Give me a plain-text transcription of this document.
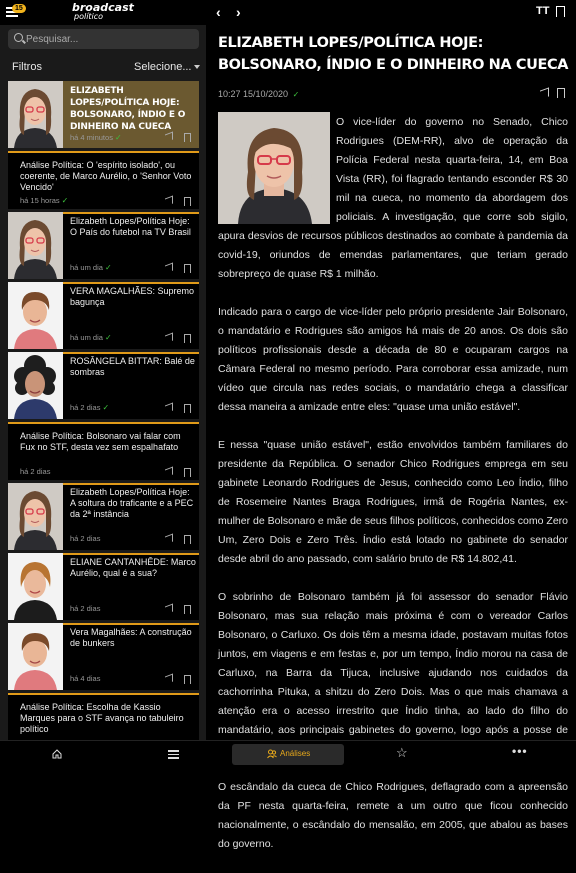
15	broadcast
político	‹ ›	TT
Pesquisar...
Filtros	Selecione...
ELIZABETH LOPES/POLÍTICA HOJE: BOLSONARO, ÍNDIO E O DINHEIRO NA CUECA
há 4 minutos ✓
Análise Política: O 'espírito isolado', ou coerente, de Marco Aurélio, o 'Senhor Voto Vencido'
há 15 horas ✓
Elizabeth Lopes/Política Hoje: O País do futebol na TV Brasil
há um dia ✓
VERA MAGALHÃES: Supremo bagunça
há um dia ✓
ROSÂNGELA BITTAR: Balé de sombras
há 2 dias ✓
Análise Política: Bolsonaro vai falar com Fux no STF, desta vez sem espalhafato
há 2 dias
Elizabeth Lopes/Política Hoje: A soltura do traficante e a PEC da 2ª instância
há 2 dias
ELIANE CANTANHÊDE: Marco Aurélio, qual é a sua?
há 2 dias
Vera Magalhães: A construção de bunkers
há 4 dias
Análise Política: Escolha de Kassio Marques para o STF avança no tabuleiro político
ELIZABETH LOPES/POLÍTICA HOJE: BOLSONARO, ÍNDIO E O DINHEIRO NA CUECA
10:27 15/10/2020 ✓

O vice-líder do governo no Senado, Chico Rodrigues (DEM-RR), alvo de operação da Polícia Federal nesta quarta-feira, 14, em Boa Vista (RR), foi flagrado tentando esconder R$ 30 mil na cueca, no momento da abordagem dos policiais. A investigação, que corre sob sigilo, apura desvios de recursos públicos destinados ao combate à pandemia da covid-19, oriundos de emendas parlamentares, que teriam gerado sobrepreço de quase R$ 1 milhão.

Indicado para o cargo de vice-líder pelo próprio presidente Jair Bolsonaro, o mandatário e Rodrigues são amigos há mais de 20 anos. Os dois são políticos profissionais desde a década de 80 e ocuparam cargos na Câmara Federal no mesmo período. Para corroborar essa amizade, num vídeo que circula nas redes sociais, o mandatário chega a classificar dessa maneira a amizade entre eles: "quase uma união estável".

E nessa "quase união estável", estão envolvidos também familiares do presidente da República. O senador Chico Rodrigues emprega em seu gabinete Leonardo Rodrigues de Jesus, conhecido como Leo Índio, filho de Rosemeire Nantes Braga Rodrigues, irmã de Rogéria Nantes, ex-mulher de Bolsonaro e mãe de seus filhos políticos, conhecidos como Zero Um, Zero Dois e Zero Três. Índio está lotado no gabinete do senador desde abril do ano passado, com salário bruto de R$ 14.802,41.

O sobrinho de Bolsonaro também já foi assessor do senador Flávio Bolsonaro, mas sua relação mais próxima é com o vereador Carlos Bolsonaro, o Carluxo. Os dois têm a mesma idade, postavam muitas fotos juntos, em viagens e em festas e, por um tempo, Índio morou na casa de Carluxo, na Barra da Tijuca, inclusive ajudando nos cuidados da cachorrinha Pituka, a shitzu do Zero Dois. Mas o que mais chamava a atenção era o acesso irrestrito que Índio tinha, ao lado do filho do mandatário, aos principais gabinetes do governo, logo após a posse de

O escândalo da cueca de Chico Rodrigues, deflagrado com a apreensão da PF nesta quarta-feira, remete a um outro que ficou conhecido nacionalmente, o escândalo do mensalão, em 2005, que abalou as bases do governo.

Análises	☆	•••
